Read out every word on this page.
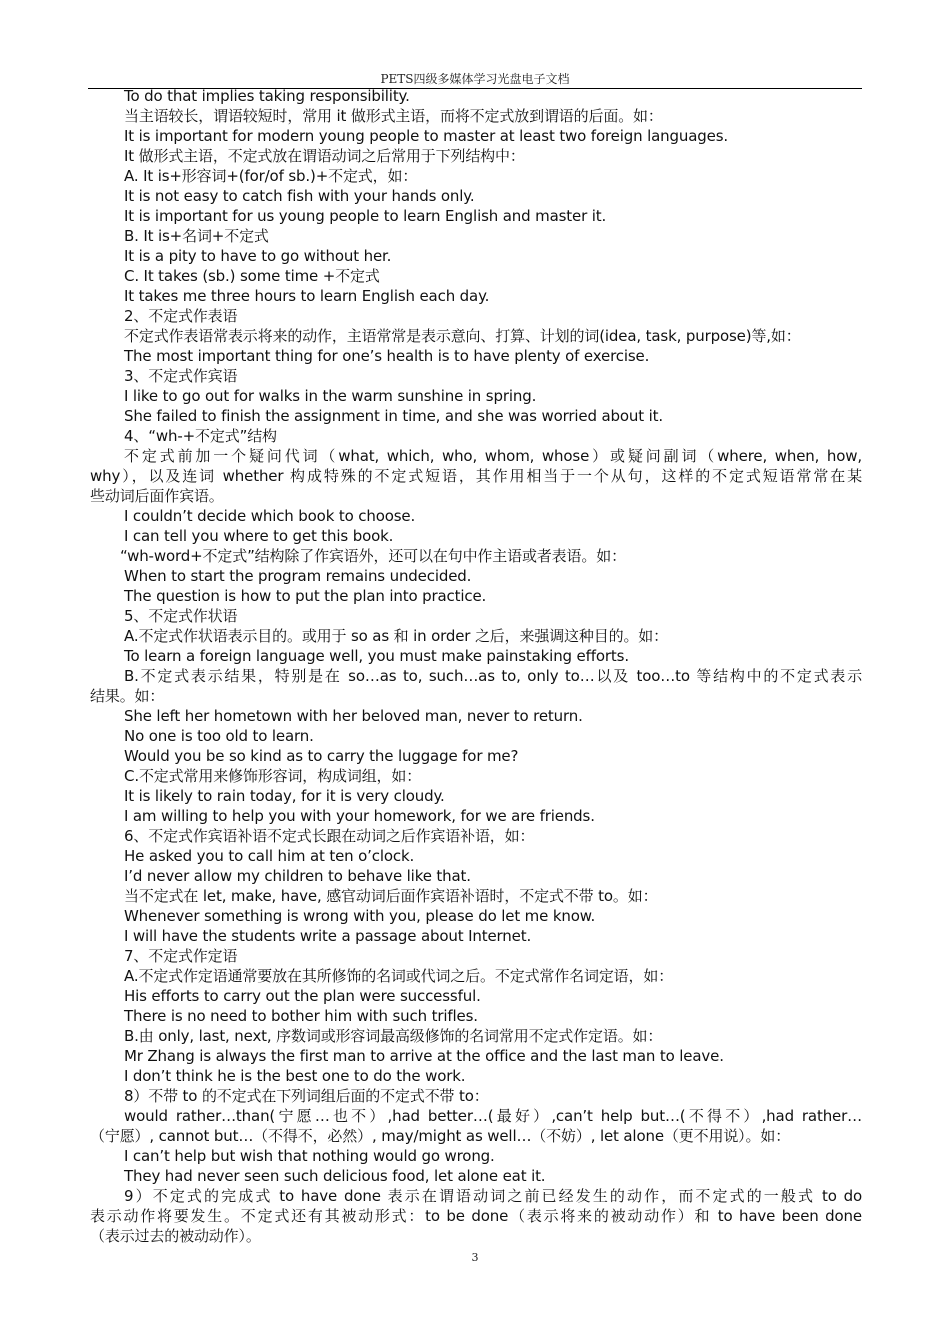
PETS四级多媒体学习光盘电子文档
To do that implies taking responsibility.
当主语较长，谓语较短时，常用 it 做形式主语，而将不定式放到谓语的后面。如：
It is important for modern young people to master at least two foreign languages.
It 做形式主语，不定式放在谓语动词之后常用于下列结构中：
A. It is+形容词+(for/of sb.)+不定式，如：
It is not easy to catch fish with your hands only.
It is important for us young people to learn English and master it.
B. It is+名词+不定式
It is a pity to have to go without her.
C. It takes (sb.) some time +不定式
It takes me three hours to learn English each day.
2、不定式作表语
不定式作表语常表示将来的动作，主语常常是表示意向、打算、计划的词(idea, task, purpose)等,如：
The most important thing for one’s health is to have plenty of exercise.
3、不定式作宾语
I like to go out for walks in the warm sunshine in spring.
She failed to finish the assignment in time, and she was worried about it.
4、“wh-+不定式”结构
不定式前加一个疑问代词（what, which, who, whom, whose）或疑问副词（where, when, how,
why），以及连词 whether 构成特殊的不定式短语，其作用相当于一个从句，这样的不定式短语常常在某
些动词后面作宾语。
I couldn’t decide which book to choose.
I can tell you where to get this book.
“wh-word+不定式”结构除了作宾语外，还可以在句中作主语或者表语。如：
When to start the program remains undecided.
The question is how to put the plan into practice.
5、不定式作状语
A.不定式作状语表示目的。或用于 so as 和 in order 之后，来强调这种目的。如：
To learn a foreign language well, you must make painstaking efforts.
B.不定式表示结果，特别是在 so…as to, such…as to, only to…以及 too…to 等结构中的不定式表示
结果。如：
She left her hometown with her beloved man, never to return.
No one is too old to learn.
Would you be so kind as to carry the luggage for me?
C.不定式常用来修饰形容词，构成词组，如：
It is likely to rain today, for it is very cloudy.
I am willing to help you with your homework, for we are friends.
6、不定式作宾语补语不定式长跟在动词之后作宾语补语，如：
He asked you to call him at ten o’clock.
I’d never allow my children to behave like that.
当不定式在 let, make, have, 感官动词后面作宾语补语时，不定式不带 to。如：
Whenever something is wrong with you, please do let me know.
I will have the students write a passage about Internet.
7、不定式作定语
A.不定式作定语通常要放在其所修饰的名词或代词之后。不定式常作名词定语，如：
His efforts to carry out the plan were successful.
There is no need to bother him with such trifles.
B.由 only, last, next, 序数词或形容词最高级修饰的名词常用不定式作定语。如：
Mr Zhang is always the first man to arrive at the office and the last man to leave.
I don’t think he is the best one to do the work.
8）不带 to 的不定式在下列词组后面的不定式不带 to：
would rather…than(宁愿…也不）,had better…(最好）,can’t help but…(不得不）,had rather…
（宁愿）, cannot but…（不得不，必然）, may/might as well…（不妨）, let alone（更不用说）。如：
I can’t help but wish that nothing would go wrong.
They had never seen such delicious food, let alone eat it.
9）不定式的完成式 to have done 表示在谓语动词之前已经发生的动作，而不定式的一般式 to do
表示动作将要发生。不定式还有其被动形式：to be done（表示将来的被动动作）和 to have been done
（表示过去的被动动作）。
3
